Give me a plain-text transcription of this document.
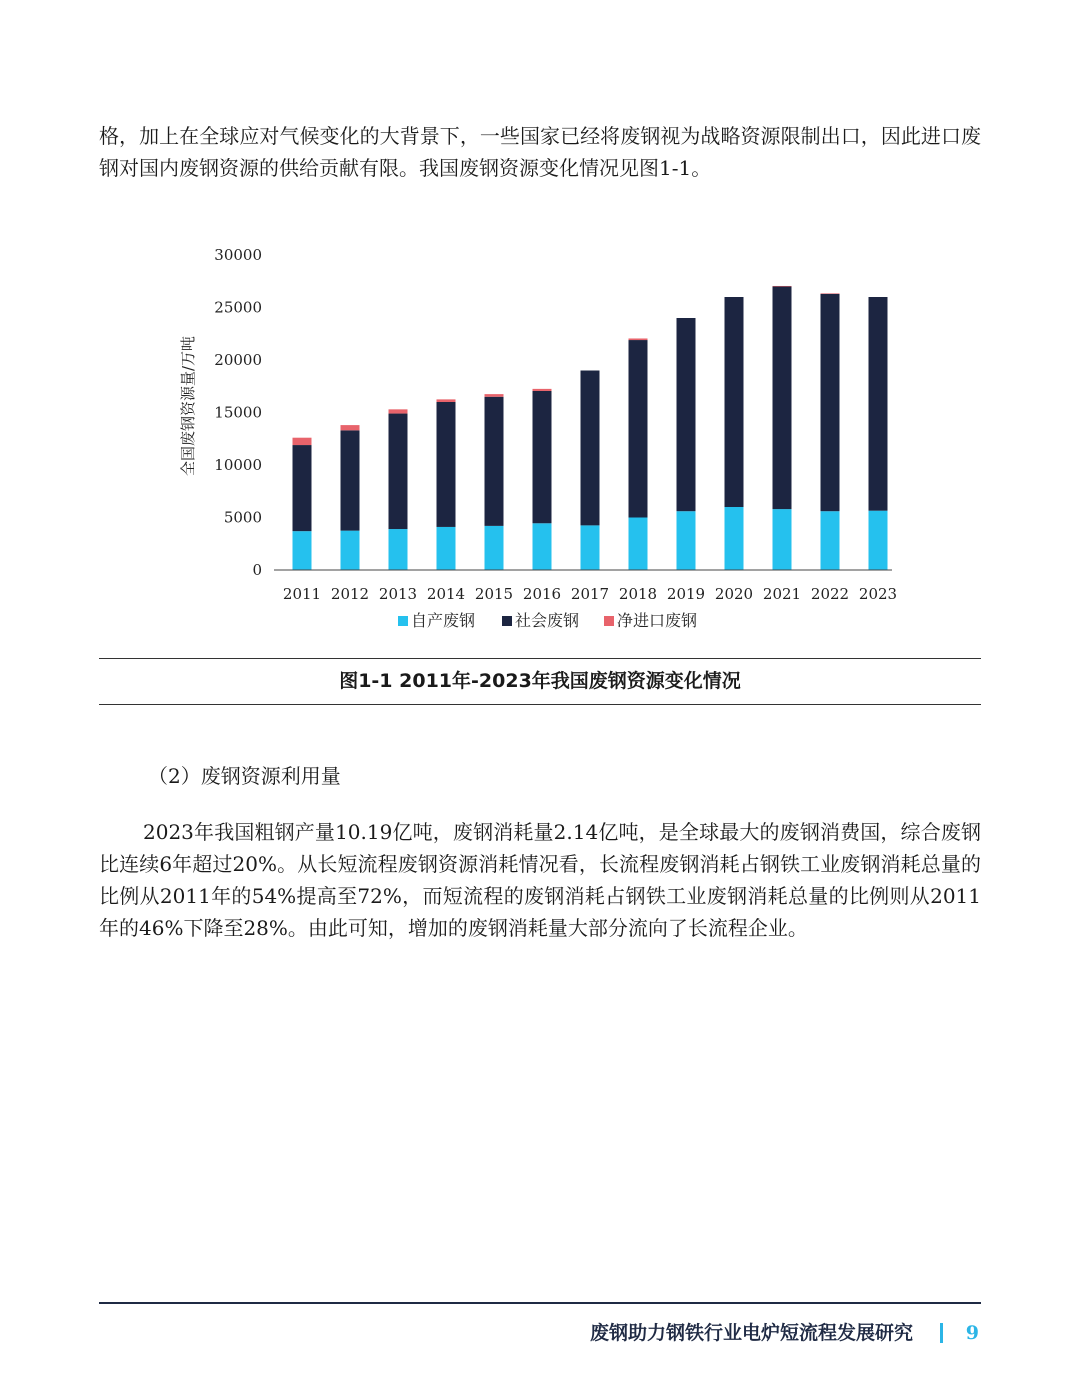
格，加上在全球应对气候变化的大背景下，一些国家已经将废钢视为战略资源限制出口，因此进口废钢对国内废钢资源的供给贡献有限。我国废钢资源变化情况见图1-1。

0
5000
10000
15000
20000
25000
30000
2011 2012 2013 2014 2015 2016 2017 2018 2019 2020 2021 2022 2023
全国废钢资源量/万吨
自产废钢 社会废钢 净进口废钢

图1-1 2011年-2023年我国废钢资源变化情况

（2）废钢资源利用量

2023年我国粗钢产量10.19亿吨，废钢消耗量2.14亿吨，是全球最大的废钢消费国，综合废钢比连续6年超过20%。从长短流程废钢资源消耗情况看，长流程废钢消耗占钢铁工业废钢消耗总量的比例从2011年的54%提高至72%，而短流程的废钢消耗占钢铁工业废钢消耗总量的比例则从2011年的46%下降至28%。由此可知，增加的废钢消耗量大部分流向了长流程企业。

废钢助力钢铁行业电炉短流程发展研究	9
